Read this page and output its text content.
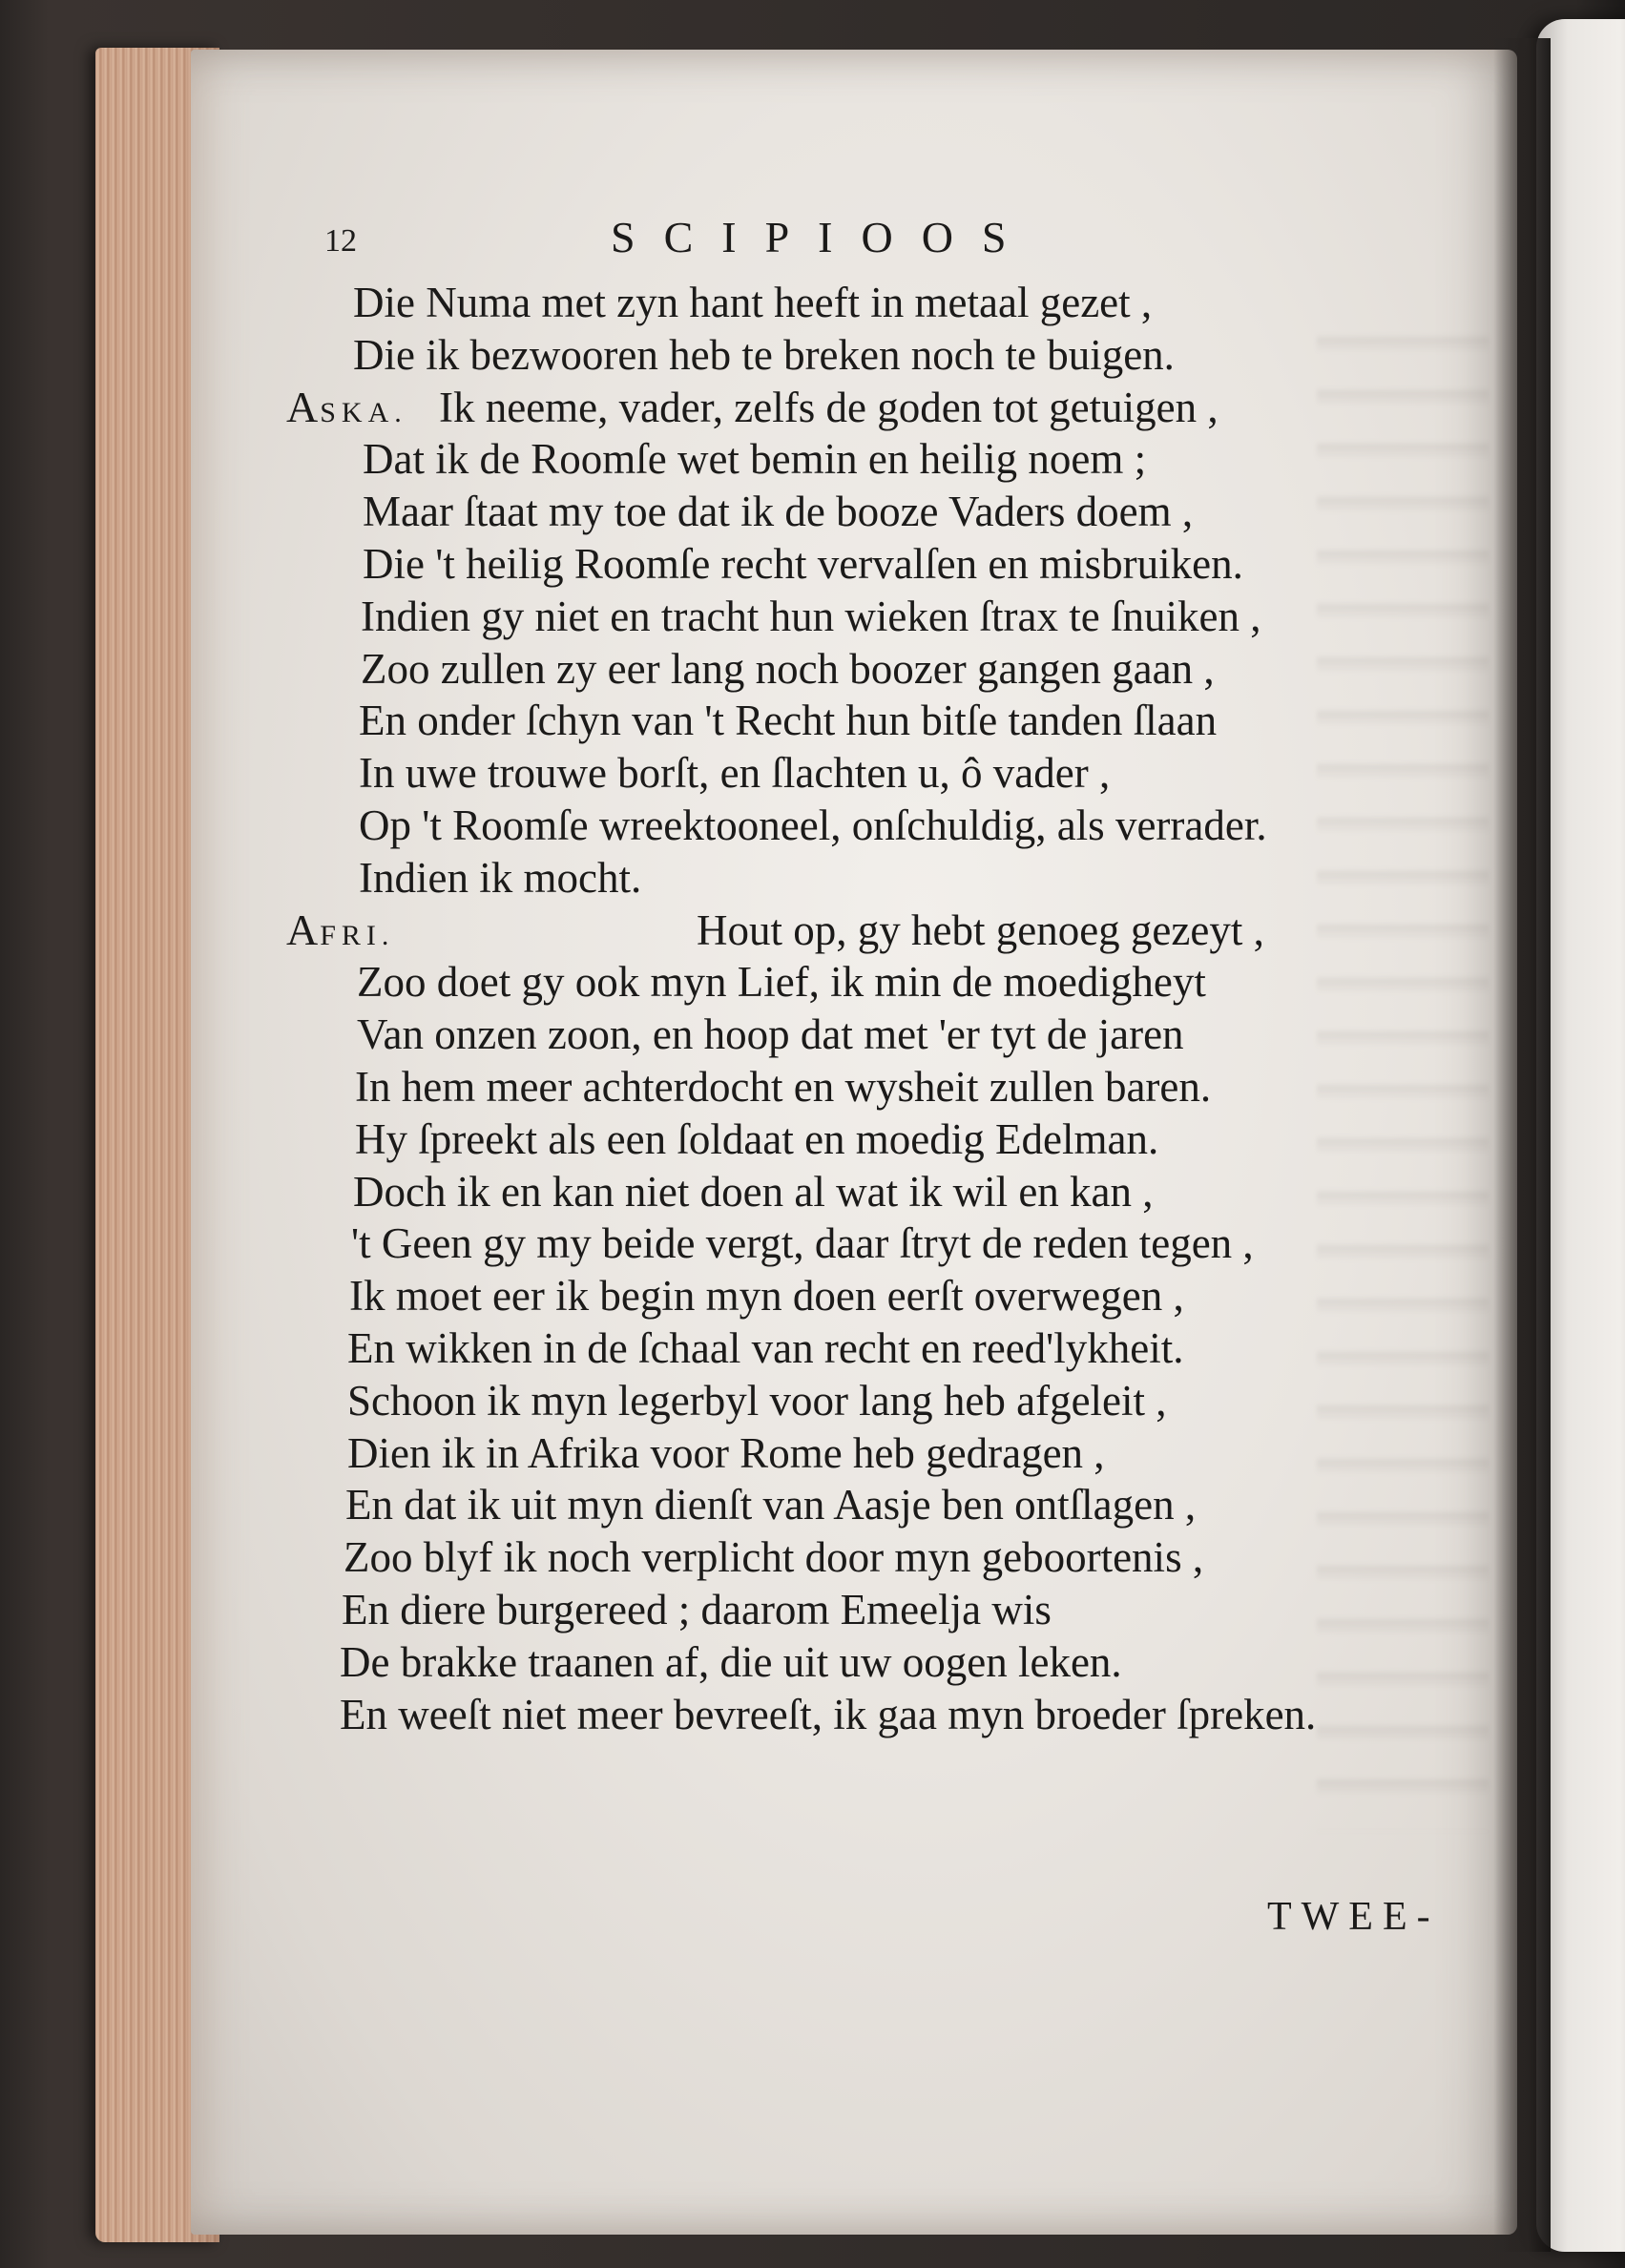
12	SCIPIOOS
Die Numa met zyn hant heeft in metaal gezet ,
Die ik bezwooren heb te breken noch te buigen.
ASKA. Ik neeme, vader, zelfs de goden tot getuigen ,
Dat ik de Roomſe wet bemin en heilig noem ;
Maar ſtaat my toe dat ik de booze Vaders doem ,
Die 't heilig Roomſe recht vervalſen en misbruiken.
Indien gy niet en tracht hun wieken ſtrax te ſnuiken ,
Zoo zullen zy eer lang noch boozer gangen gaan ,
En onder ſchyn van 't Recht hun bitſe tanden ſlaan
In uwe trouwe borſt, en ſlachten u, ô vader ,
Op 't Roomſe wreektooneel, onſchuldig, als verrader.
Indien ik mocht.
AFRI.	Hout op, gy hebt genoeg gezeyt ,
Zoo doet gy ook myn Lief, ik min de moedigheyt
Van onzen zoon, en hoop dat met 'er tyt de jaren
In hem meer achterdocht en wysheit zullen baren.
Hy ſpreekt als een ſoldaat en moedig Edelman.
Doch ik en kan niet doen al wat ik wil en kan ,
't Geen gy my beide vergt, daar ſtryt de reden tegen ,
Ik moet eer ik begin myn doen eerſt overwegen ,
En wikken in de ſchaal van recht en reed'lykheit.
Schoon ik myn legerbyl voor lang heb afgeleit ,
Dien ik in Afrika voor Rome heb gedragen ,
En dat ik uit myn dienſt van Aasje ben ontſlagen ,
Zoo blyf ik noch verplicht door myn geboortenis ,
En diere burgereed ; daarom Emeelja wis
De brakke traanen af, die uit uw oogen leken.
En weeſt niet meer bevreeſt, ik gaa myn broeder ſpreken.
TWEE-
